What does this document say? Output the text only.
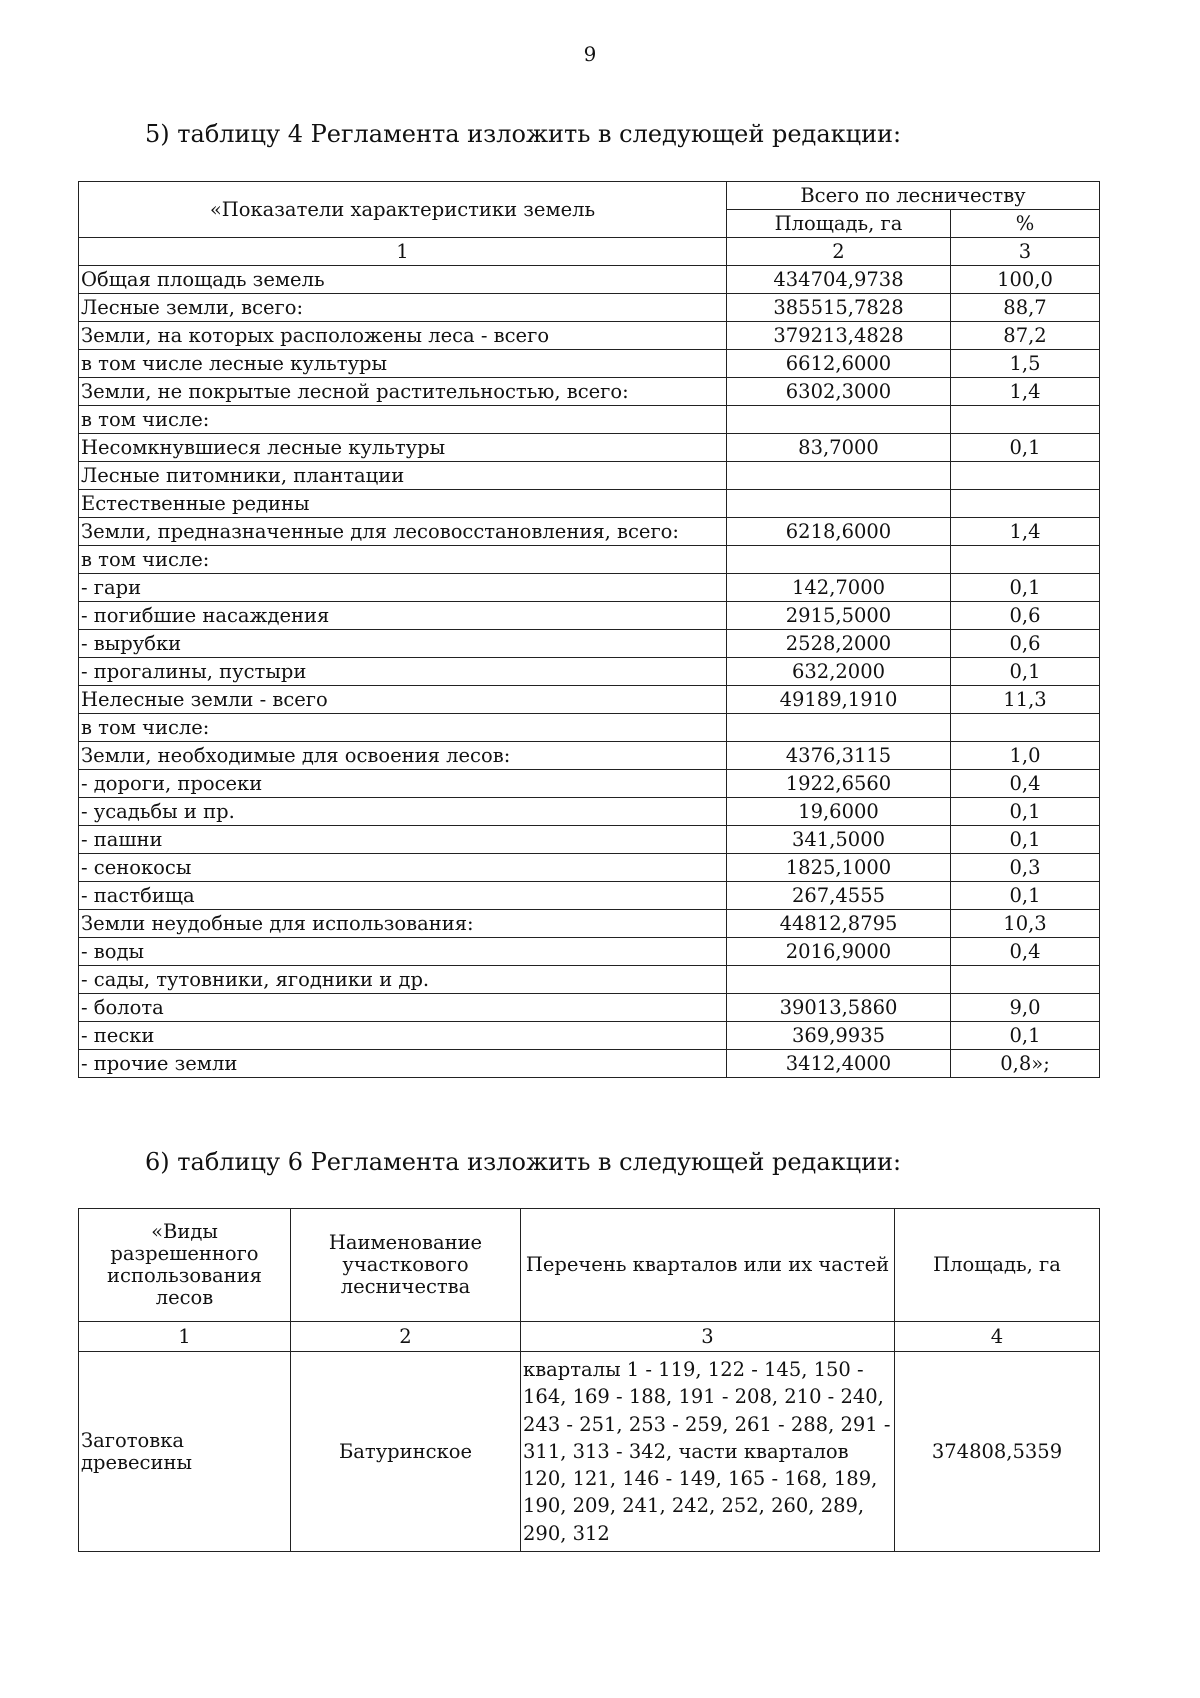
9
5) таблицу 4 Регламента изложить в следующей редакции:
«Показатели характеристики земель	Всего по лесничеству	
	Площадь, га	%
1	2	3
Общая площадь земель	434704,9738	100,0
Лесные земли, всего:	385515,7828	88,7
Земли, на которых расположены леса - всего	379213,4828	87,2
в том числе лесные культуры	6612,6000	1,5
Земли, не покрытые лесной растительностью, всего:	6302,3000	1,4
в том числе:		
Несомкнувшиеся лесные культуры	83,7000	0,1
Лесные питомники, плантации		
Естественные редины		
Земли, предназначенные для лесовосстановления, всего:	6218,6000	1,4
в том числе:		
- гари	142,7000	0,1
- погибшие насаждения	2915,5000	0,6
- вырубки	2528,2000	0,6
- прогалины, пустыри	632,2000	0,1
Нелесные земли - всего	49189,1910	11,3
в том числе:		
Земли, необходимые для освоения лесов:	4376,3115	1,0
- дороги, просеки	1922,6560	0,4
- усадьбы и пр.	19,6000	0,1
- пашни	341,5000	0,1
- сенокосы	1825,1000	0,3
- пастбища	267,4555	0,1
Земли неудобные для использования:	44812,8795	10,3
- воды	2016,9000	0,4
- сады, тутовники, ягодники и др.		
- болота	39013,5860	9,0
- пески	369,9935	0,1
- прочие земли	3412,4000	0,8»;
6) таблицу 6 Регламента изложить в следующей редакции:
«Виды разрешенного использования лесов	Наименование участкового лесничества	Перечень кварталов или их частей	Площадь, га
1	2	3	4
Заготовка древесины	Батуринское	кварталы 1 - 119, 122 - 145, 150 - 164, 169 - 188, 191 - 208, 210 - 240, 243 - 251, 253 - 259, 261 - 288, 291 - 311, 313 - 342, части кварталов 120, 121, 146 - 149, 165 - 168, 189, 190, 209, 241, 242, 252, 260, 289, 290, 312	374808,5359
